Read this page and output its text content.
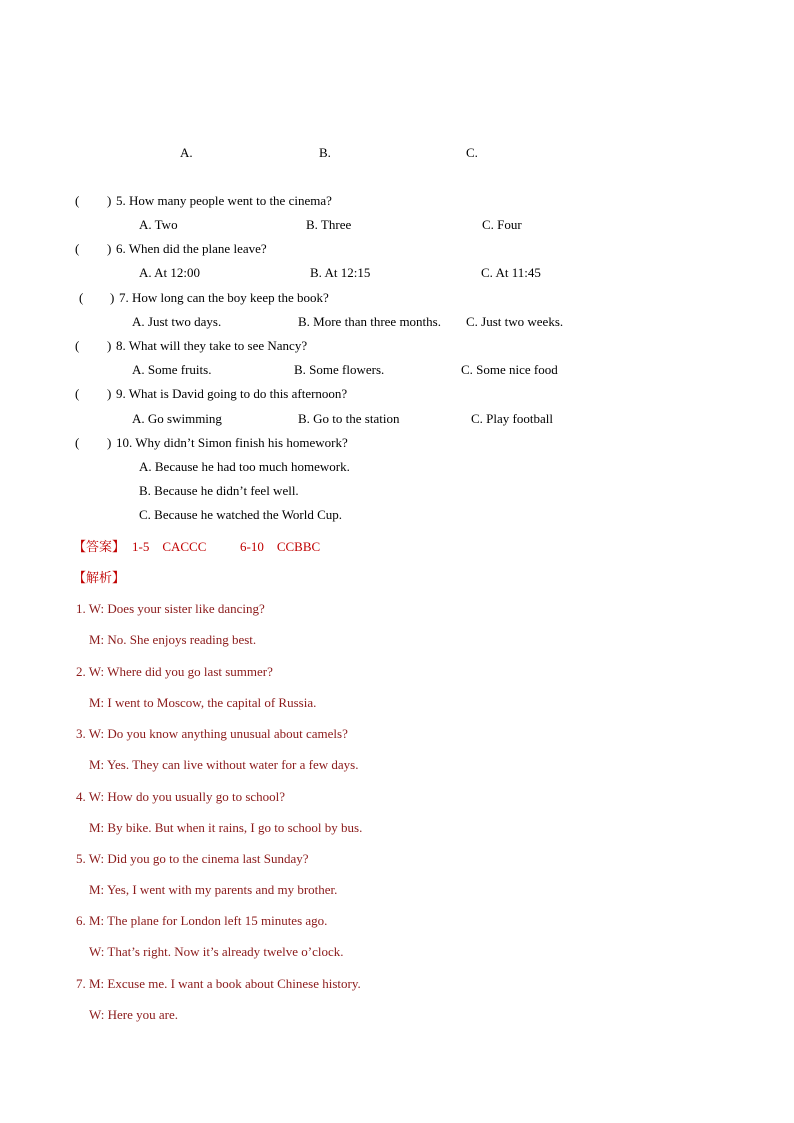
A.	B.	C.
( ) 5. How many people went to the cinema?
A. Two	B. Three	C. Four
( ) 6. When did the plane leave?
A. At 12:00	B. At 12:15	C. At 11:45
( ) 7. How long can the boy keep the book?
A. Just two days.	B. More than three months. C. Just two weeks.
( ) 8. What will they take to see Nancy?
A. Some fruits.	B. Some flowers.	C. Some nice food
( ) 9. What is David going to do this afternoon?
A. Go swimming	B. Go to the station	C. Play football
( ) 10. Why didn’t Simon finish his homework?
A. Because he had too much homework.
B. Because he didn’t feel well.
C. Because he watched the World Cup.
【答案】 1-5    CACCC	6-10    CCBBC
【解析】
1. W: Does your sister like dancing?
M: No. She enjoys reading best.
2. W: Where did you go last summer?
M: I went to Moscow, the capital of Russia.
3. W: Do you know anything unusual about camels?
M: Yes. They can live without water for a few days.
4. W: How do you usually go to school?
M: By bike. But when it rains, I go to school by bus.
5. W: Did you go to the cinema last Sunday?
M: Yes, I went with my parents and my brother.
6. M: The plane for London left 15 minutes ago.
W: That’s right. Now it’s already twelve o’clock.
7. M: Excuse me. I want a book about Chinese history.
W: Here you are.
